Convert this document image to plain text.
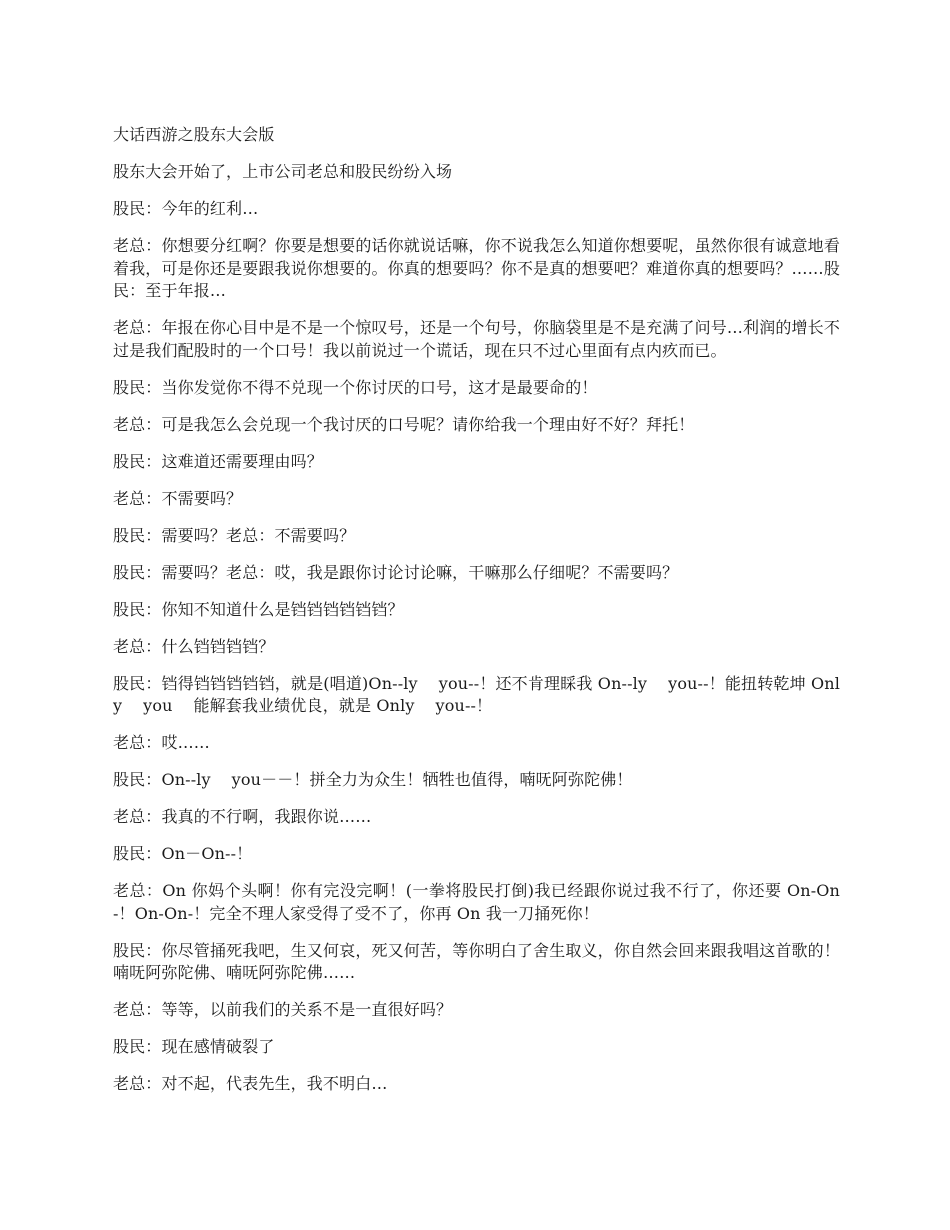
大话西游之股东大会版

股东大会开始了，上市公司老总和股民纷纷入场

股民：今年的红利…

老总：你想要分红啊？你要是想要的话你就说话嘛，你不说我怎么知道你想要呢，虽然你很有诚意地看着我，可是你还是要跟我说你想要的。你真的想要吗？你不是真的想要吧？难道你真的想要吗？……股民：至于年报…

老总：年报在你心目中是不是一个惊叹号，还是一个句号，你脑袋里是不是充满了问号…利润的增长不过是我们配股时的一个口号！我以前说过一个谎话，现在只不过心里面有点内疚而已。

股民：当你发觉你不得不兑现一个你讨厌的口号，这才是最要命的！

老总：可是我怎么会兑现一个我讨厌的口号呢？请你给我一个理由好不好？拜托！

股民：这难道还需要理由吗？

老总：不需要吗？

股民：需要吗？老总：不需要吗？

股民：需要吗？老总：哎，我是跟你讨论讨论嘛，干嘛那么仔细呢？不需要吗？

股民：你知不知道什么是铛铛铛铛铛铛？

老总：什么铛铛铛铛？

股民：铛得铛铛铛铛铛，就是(唱道)On--ly    you--！还不肯理睬我 On--ly    you--！能扭转乾坤 Only    you    能解套我业绩优良，就是 Only    you--！

老总：哎……

股民：On--ly    you－－！拼全力为众生！牺牲也值得，喃呒阿弥陀佛！

老总：我真的不行啊，我跟你说……

股民：On－On--！

老总：On 你妈个头啊！你有完没完啊！(一拳将股民打倒)我已经跟你说过我不行了，你还要 On-On-！On-On-！完全不理人家受得了受不了，你再 On 我一刀捅死你！

股民：你尽管捅死我吧，生又何哀，死又何苦，等你明白了舍生取义，你自然会回来跟我唱这首歌的！喃呒阿弥陀佛、喃呒阿弥陀佛……

老总：等等，以前我们的关系不是一直很好吗？

股民：现在感情破裂了

老总：对不起，代表先生，我不明白…
